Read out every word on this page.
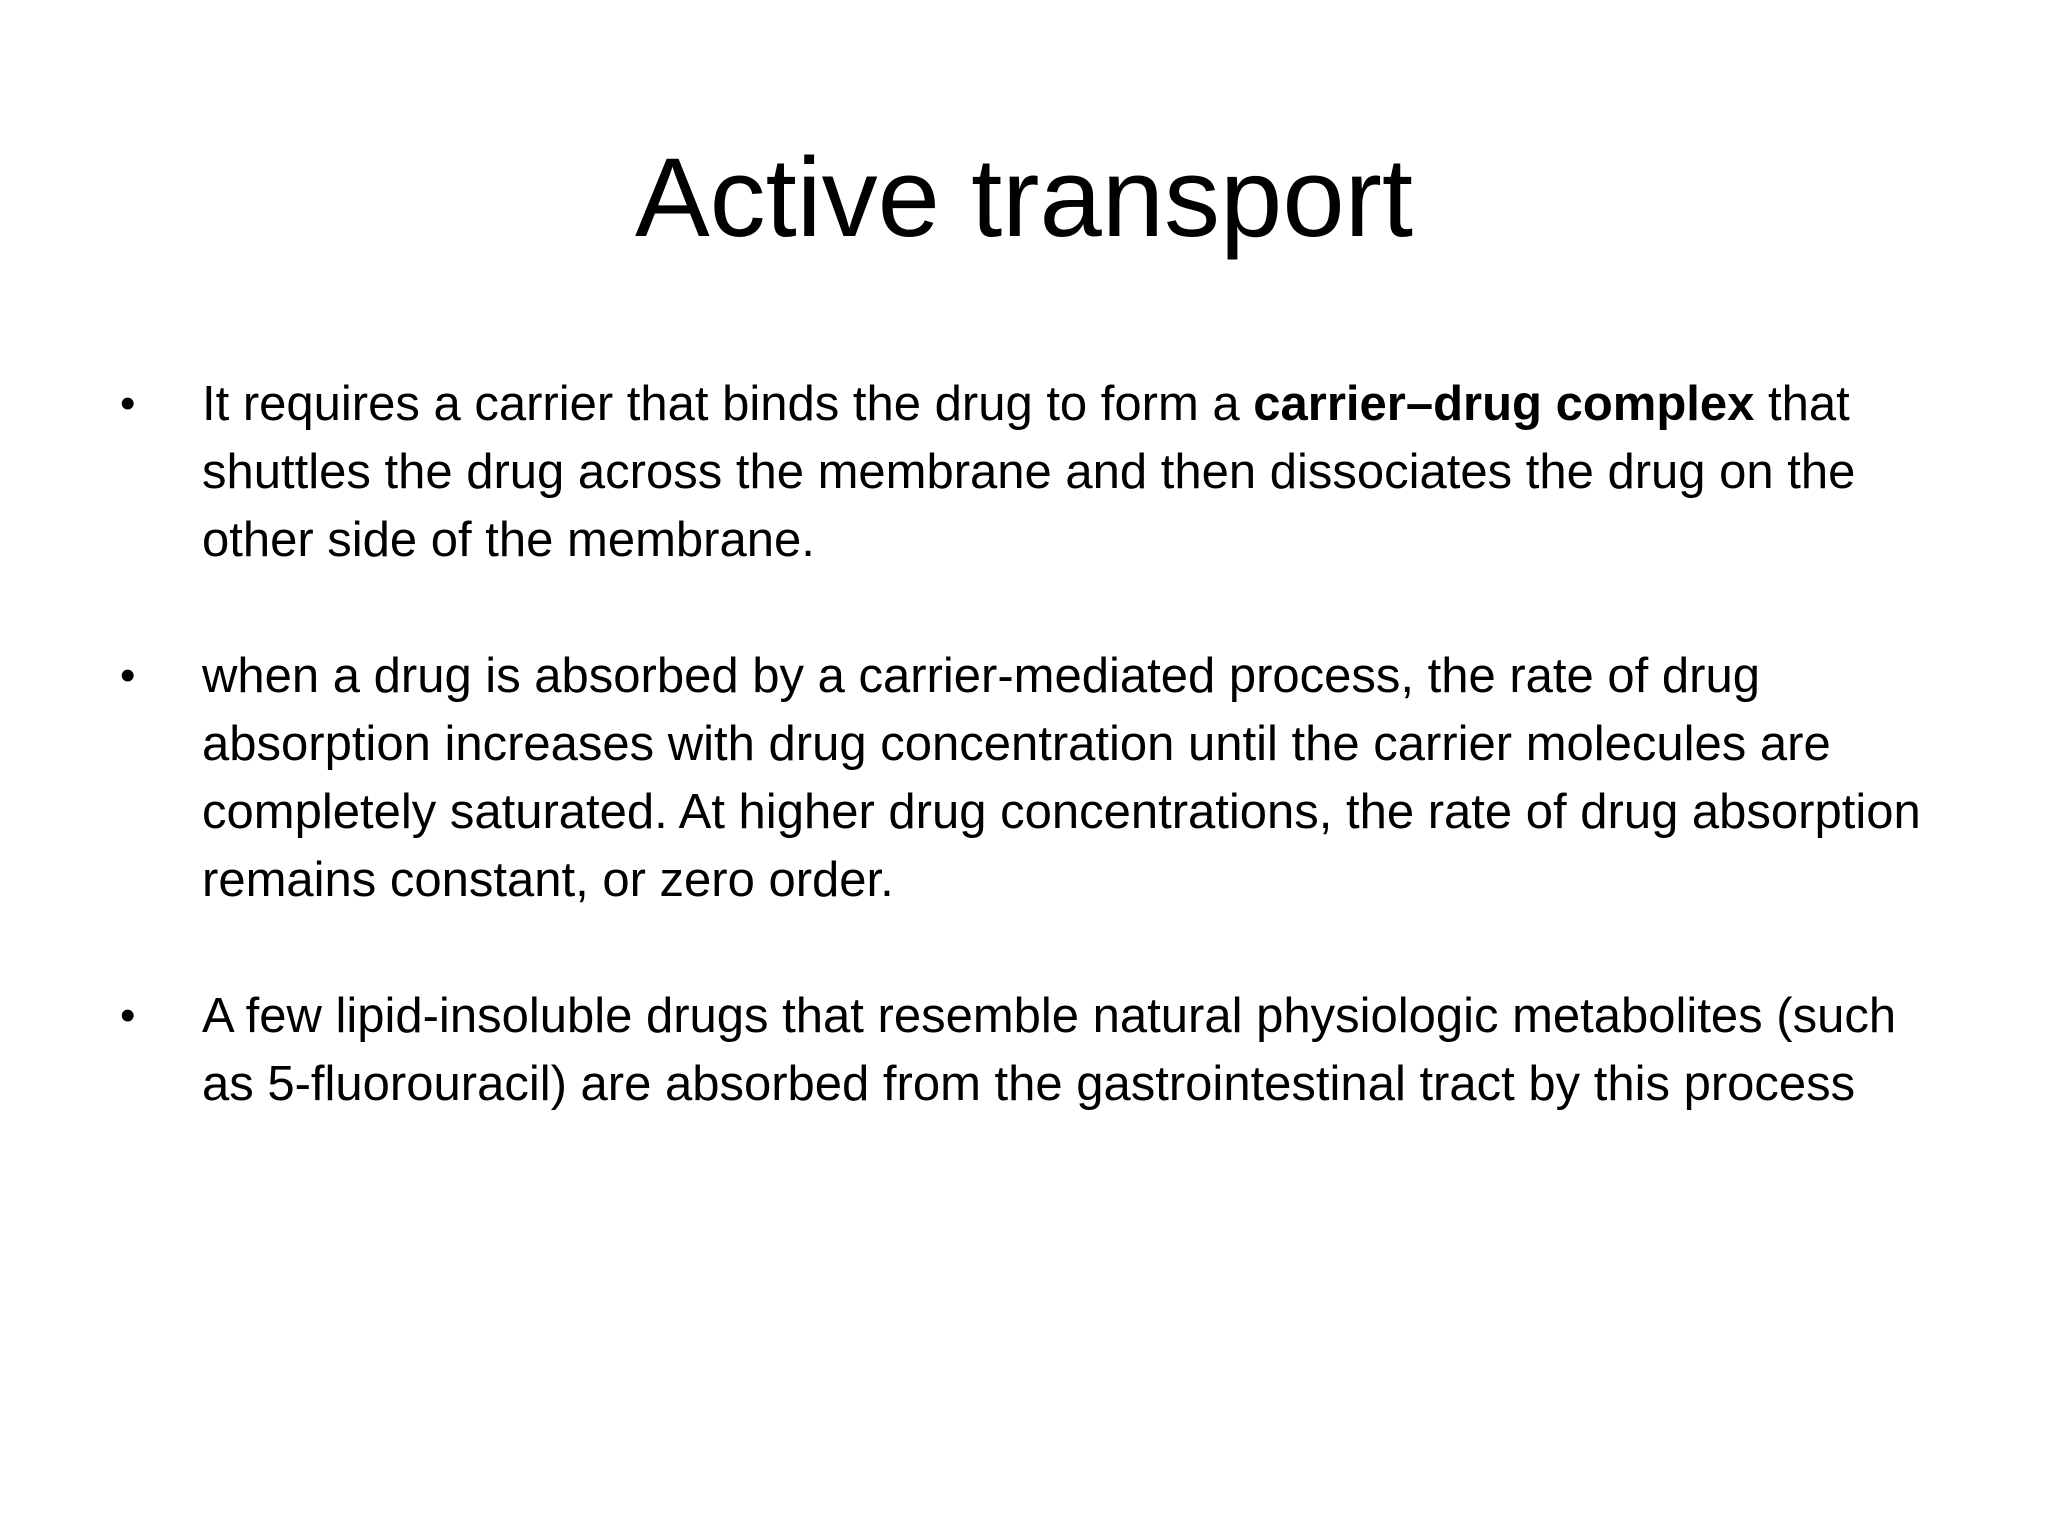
Active transport
•	It requires a carrier that binds the drug to form a carrier–drug complex that shuttles the drug across the membrane and then dissociates the drug on the other side of the membrane.
•	when a drug is absorbed by a carrier-mediated process, the rate of drug absorption increases with drug concentration until the carrier molecules are completely saturated. At higher drug concentrations, the rate of drug absorption remains constant, or zero order.
•	A few lipid-insoluble drugs that resemble natural physiologic metabolites (such as 5-fluorouracil) are absorbed from the gastrointestinal tract by this process
